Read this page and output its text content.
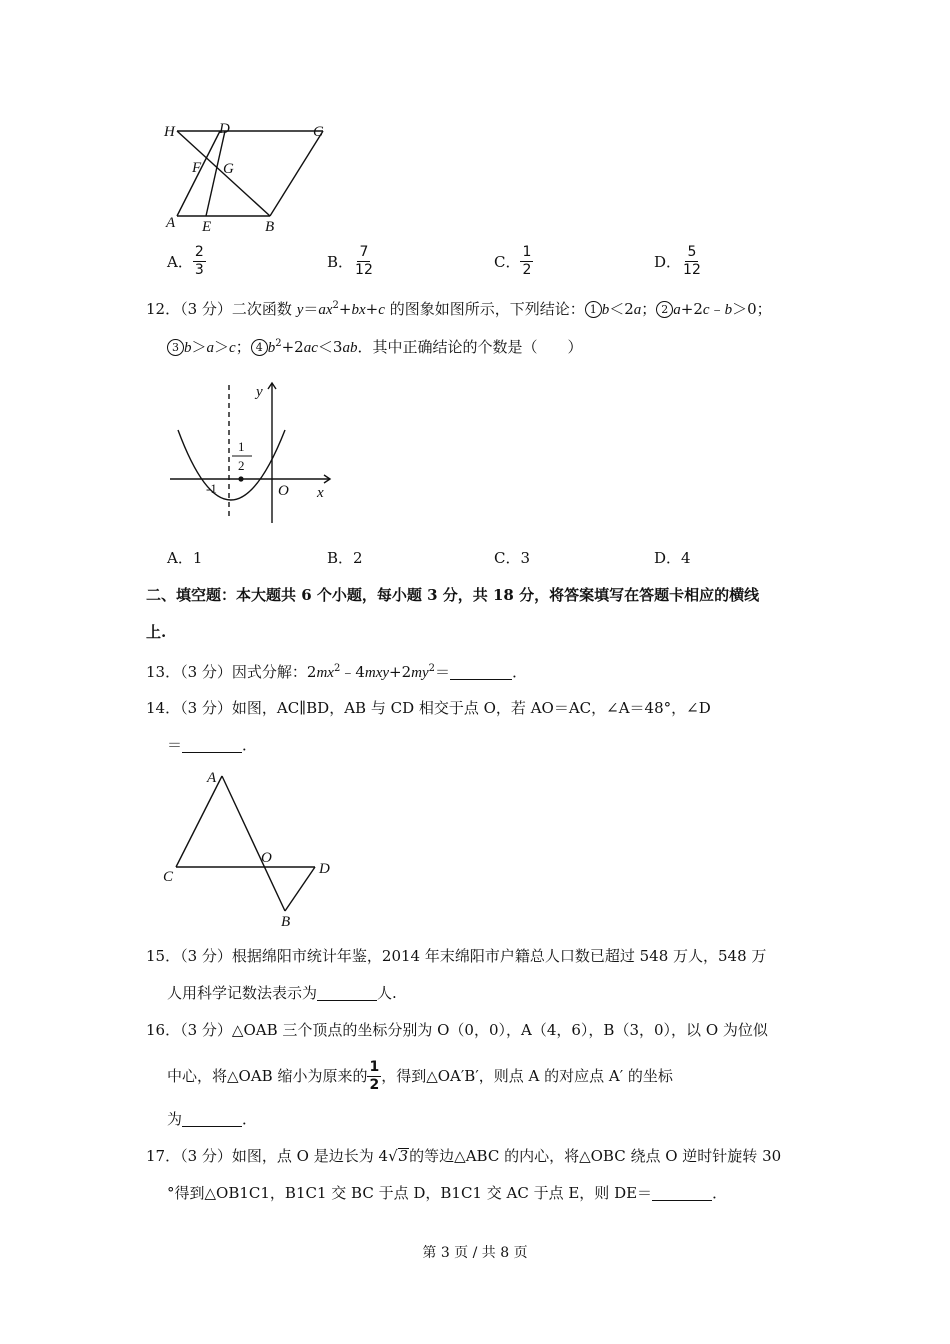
H	D	C
F G
A E	B
A． $\frac{2}{3}$	B． $\frac{7}{12}$	C． $\frac{1}{2}$	D． $\frac{5}{12}$
12．（3 分）二次函数 $y=ax^2+bx+c$ 的图象如图所示，下列结论： 1 b＜2a； 2 a+2c﹣b＞0；
3 b＞a＞c； 4 $b^2+2ac<3ab$．其中正确结论的个数是（　　）
y
x
O
-1
1
2
A．1	B．2	C．3	D．4
二、填空题：本大题共 6 个小题，每小题 3 分，共 18 分，将答案填写在答题卡相应的横线
上.
13．（3 分）因式分解：$2mx^2﹣4mxy+2my^2=$	．
14．（3 分）如图，AC∥BD，AB 与 CD 相交于点 O，若 AO＝AC，∠A＝48°，∠D
＝	．
A
C
O
D
B
15．（3 分）根据绵阳市统计年鉴，2014 年末绵阳市户籍总人口数已超过 548 万人，548 万
人用科学记数法表示为	人.
16．（3 分）△OAB 三个顶点的坐标分别为 O（0，0），A（4，6），B（3，0），以 O 为位似
中心，将△OAB 缩小为原来的 $\frac{1}{2}$ ，得到△OA′B′，则点 A 的对应点 A′ 的坐标
为	．
17．（3 分）如图，点 O 是边长为 4√3的等边△ABC 的内心，将△OBC 绕点 O 逆时针旋转 30
°得到△OB1C1，B1C1 交 BC 于点 D，B1C1 交 AC 于点 E，则 DE＝	．
第 3 页 / 共 8 页
